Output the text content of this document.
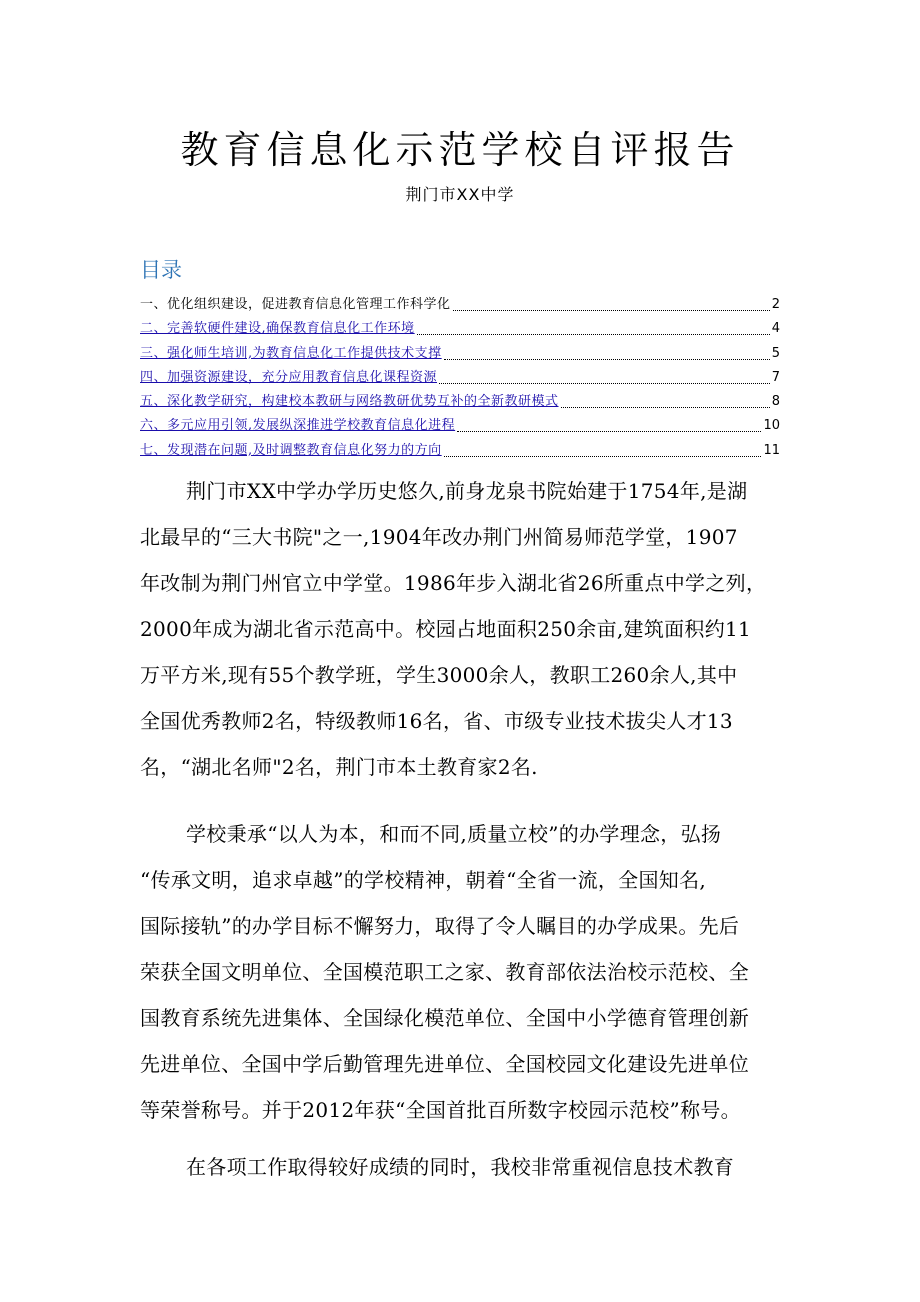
教育信息化示范学校自评报告
荆门市XX中学
目录
一、优化组织建设，促进教育信息化管理工作科学化	2
二、完善软硬件建设,确保教育信息化工作环境	4
三、强化师生培训,为教育信息化工作提供技术支撑	5
四、加强资源建设，充分应用教育信息化课程资源	7
五、深化教学研究，构建校本教研与网络教研优势互补的全新教研模式	8
六、多元应用引领,发展纵深推进学校教育信息化进程	10
七、发现潜在问题,及时调整教育信息化努力的方向	11
荆门市XX中学办学历史悠久,前身龙泉书院始建于1754年,是湖
北最早的“三大书院"之一,1904年改办荆门州简易师范学堂，1907
年改制为荆门州官立中学堂。1986年步入湖北省26所重点中学之列，
2000年成为湖北省示范高中。校园占地面积250余亩,建筑面积约11
万平方米,现有55个教学班，学生3000余人，教职工260余人,其中
全国优秀教师2名，特级教师16名，省、市级专业技术拔尖人才13
名，“湖北名师"2名，荆门市本土教育家2名.
学校秉承“以人为本，和而不同,质量立校”的办学理念，弘扬
“传承文明，追求卓越”的学校精神，朝着“全省一流，全国知名,
国际接轨”的办学目标不懈努力，取得了令人瞩目的办学成果。先后
荣获全国文明单位、全国模范职工之家、教育部依法治校示范校、全
国教育系统先进集体、全国绿化模范单位、全国中小学德育管理创新
先进单位、全国中学后勤管理先进单位、全国校园文化建设先进单位
等荣誉称号。并于2012年获“全国首批百所数字校园示范校”称号。
在各项工作取得较好成绩的同时，我校非常重视信息技术教育
